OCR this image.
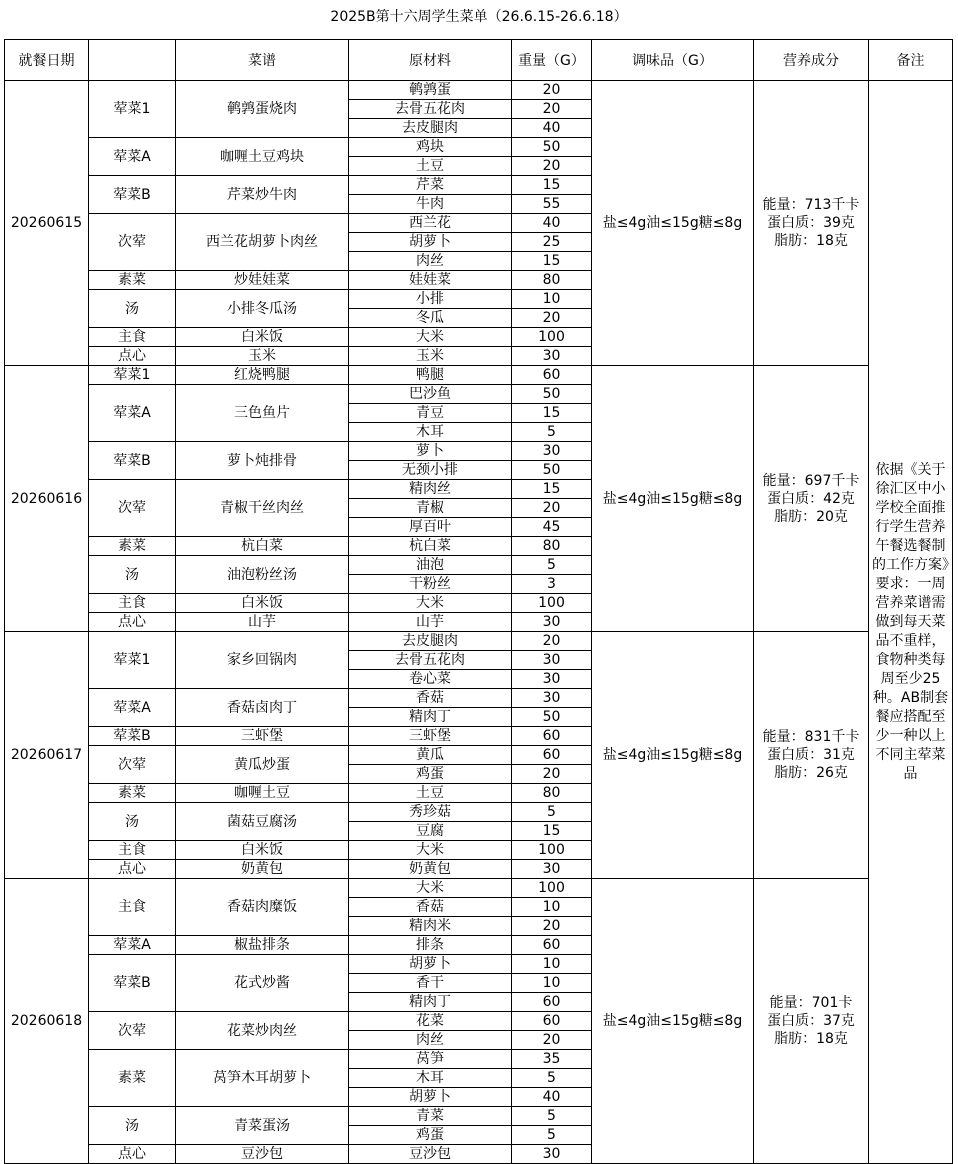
2025B第十六周学生菜单（26.6.15-26.6.18）
就餐日期		菜谱	原材料	重量（G）	调味品（G）	营养成分	备注
20260615	荤菜1	鹌鹑蛋烧肉	鹌鹑蛋	20	盐≤4g油≤15g糖≤8g	能量：713千卡
蛋白质：39克
脂肪：18克	依据《关于徐汇区中小学校全面推行学生营养午餐选餐制的工作方案》要求：一周营养菜谱需做到每天菜品不重样，食物种类每周至少25种。AB制套餐应搭配至少一种以上不同主荤菜品

			去骨五花肉	20			
			去皮腿肉	40			
	荤菜A	咖喱土豆鸡块	鸡块	50			
			土豆	20			
	荤菜B	芹菜炒牛肉	芹菜	15			
			牛肉	55			
	次荤	西兰花胡萝卜肉丝	西兰花	40			
			胡萝卜	25			
			肉丝	15			
	素菜	炒娃娃菜	娃娃菜	80			
	汤	小排冬瓜汤	小排	10			
			冬瓜	20			
	主食	白米饭	大米	100			
	点心	玉米	玉米	30			
20260616	荤菜1	红烧鸭腿	鸭腿	60	盐≤4g油≤15g糖≤8g	能量：697千卡
蛋白质：42克
脂肪：20克	

	荤菜A	三色鱼片	巴沙鱼	50			
			青豆	15			
			木耳	5			
	荤菜B	萝卜炖排骨	萝卜	30			
			无颈小排	50			
	次荤	青椒干丝肉丝	精肉丝	15			
			青椒	20			
			厚百叶	45			
	素菜	杭白菜	杭白菜	80			
	汤	油泡粉丝汤	油泡	5			
			干粉丝	3			
	主食	白米饭	大米	100			
	点心	山芋	山芋	30			
20260617	荤菜1	家乡回锅肉	去皮腿肉	20	盐≤4g油≤15g糖≤8g	能量：831千卡
蛋白质：31克
脂肪：26克	

			去骨五花肉	30			
			卷心菜	30			
	荤菜A	香菇卤肉丁	香菇	30			
			精肉丁	50			
	荤菜B	三虾堡	三虾堡	60			
	次荤	黄瓜炒蛋	黄瓜	60			
			鸡蛋	20			
	素菜	咖喱土豆	土豆	80			
	汤	菌菇豆腐汤	秀珍菇	5			
			豆腐	15			
	主食	白米饭	大米	100			
	点心	奶黄包	奶黄包	30			
20260618	主食	香菇肉糜饭	大米	100	盐≤4g油≤15g糖≤8g	能量：701卡
蛋白质：37克
脂肪：18克	

			香菇	10			
			精肉米	20			
	荤菜A	椒盐排条	排条	60			
	荤菜B	花式炒酱	胡萝卜	10			
			香干	10			
			精肉丁	60			
	次荤	花菜炒肉丝	花菜	60			
			肉丝	20			
	素菜	莴笋木耳胡萝卜	莴笋	35			
			木耳	5			
			胡萝卜	40			
	汤	青菜蛋汤	青菜	5			
			鸡蛋	5			
	点心	豆沙包	豆沙包	30			
